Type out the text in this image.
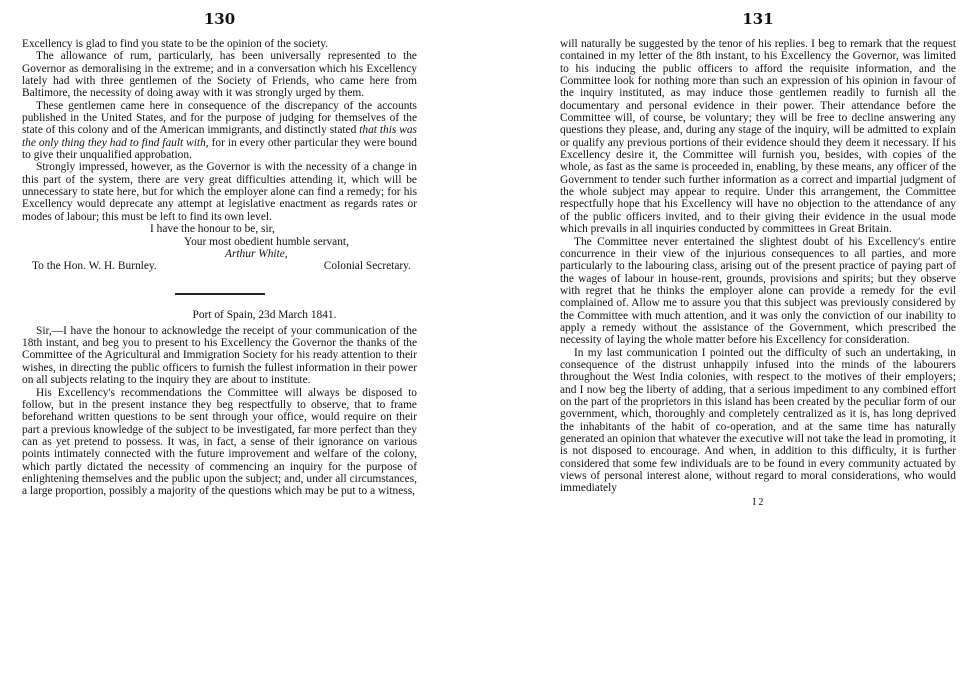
130

Excellency is glad to find you state to be the opinion of the society.

The allowance of rum, particularly, has been universally represented to the Governor as demoralising in the extreme; and in a conversation which his Excellency lately had with three gentlemen of the Society of Friends, who came here from Baltimore, the necessity of doing away with it was strongly urged by them.

These gentlemen came here in consequence of the discrepancy of the accounts published in the United States, and for the purpose of judging for themselves of the state of this colony and of the American immigrants, and distinctly stated that this was the only thing they had to find fault with, for in every other particular they were bound to give their unqualified approbation.

Strongly impressed, however, as the Governor is with the necessity of a change in this part of the system, there are very great difficulties attending it, which will be unnecessary to state here, but for which the employer alone can find a remedy; for his Excellency would deprecate any attempt at legislative enactment as regards rates or modes of labour; this must be left to find its own level.

I have the honour to be, sir,

Your most obedient humble servant,

Arthur White,

To the Hon. W. H. Burnley.	Colonial Secretary.

Port of Spain, 23d March 1841.

Sir,—I have the honour to acknowledge the receipt of your communication of the 18th instant, and beg you to present to his Excellency the Governor the thanks of the Committee of the Agricultural and Immigration Society for his ready attention to their wishes, in directing the public officers to furnish the fullest information in their power on all subjects relating to the inquiry they are about to institute.

His Excellency's recommendations the Committee will always be disposed to follow, but in the present instance they beg respectfully to observe, that to frame beforehand written questions to be sent through your office, would require on their part a previous knowledge of the subject to be investigated, far more perfect than they can as yet pretend to possess. It was, in fact, a sense of their ignorance on various points intimately connected with the future improvement and welfare of the colony, which partly dictated the necessity of commencing an inquiry for the purpose of enlightening themselves and the public upon the subject; and, under all circumstances, a large proportion, possibly a majority of the questions which may be put to a witness,

131

will naturally be suggested by the tenor of his replies. I beg to remark that the request contained in my letter of the 8th instant, to his Excellency the Governor, was limited to his inducing the public officers to afford the requisite information, and the Committee look for nothing more than such an expression of his opinion in favour of the inquiry instituted, as may induce those gentlemen readily to furnish all the documentary and personal evidence in their power. Their attendance before the Committee will, of course, be voluntary; they will be free to decline answering any questions they please, and, during any stage of the inquiry, will be admitted to explain or qualify any previous portions of their evidence should they deem it necessary. If his Excellency desire it, the Committee will furnish you, besides, with copies of the whole, as fast as the same is proceeded in, enabling, by these means, any officer of the Government to tender such further information as a correct and impartial judgment of the whole subject may appear to require. Under this arrangement, the Committee respectfully hope that his Excellency will have no objection to the attendance of any of the public officers invited, and to their giving their evidence in the usual mode which prevails in all inquiries conducted by committees in Great Britain.

The Committee never entertained the slightest doubt of his Excellency's entire concurrence in their view of the injurious consequences to all parties, and more particularly to the labouring class, arising out of the present practice of paying part of the wages of labour in house-rent, grounds, provisions and spirits; but they observe with regret that he thinks the employer alone can provide a remedy for the evil complained of. Allow me to assure you that this subject was previously considered by the Committee with much attention, and it was only the conviction of our inability to apply a remedy without the assistance of the Government, which prescribed the necessity of laying the whole matter before his Excellency for consideration.

In my last communication I pointed out the difficulty of such an undertaking, in consequence of the distrust unhappily infused into the minds of the labourers throughout the West India colonies, with respect to the motives of their employers; and I now beg the liberty of adding, that a serious impediment to any combined effort on the part of the proprietors in this island has been created by the peculiar form of our government, which, thoroughly and completely centralized as it is, has long deprived the inhabitants of the habit of co-operation, and at the same time has naturally generated an opinion that whatever the executive will not take the lead in promoting, it is not disposed to encourage. And when, in addition to this difficulty, it is further considered that some few individuals are to be found in every community actuated by views of personal interest alone, without regard to moral considerations, who would immediately

I 2
